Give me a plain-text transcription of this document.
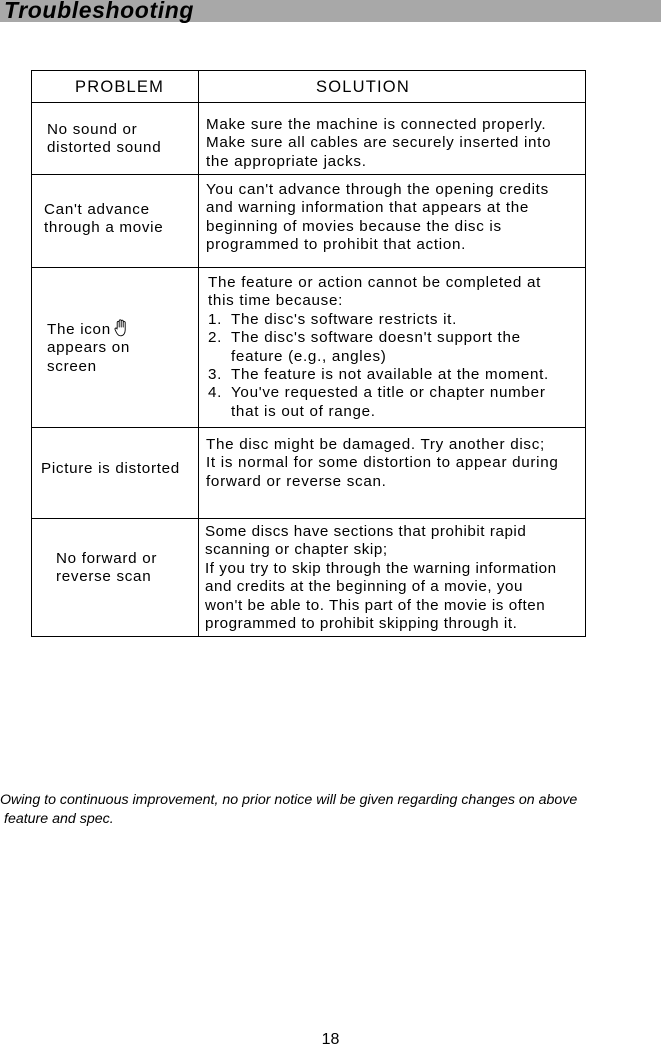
Troubleshooting
PROBLEM	SOLUTION
No sound or
distorted sound
Make sure the machine is connected properly.
Make sure all cables are securely inserted into
the appropriate jacks.
Can't advance
through a movie
You can't advance through the opening credits
and warning information that appears at the
beginning of movies because the disc is
programmed to prohibit that action.
The icon
appears on
screen
The feature or action cannot be completed at
this time because:
1. The disc's software restricts it.
2. The disc's software doesn't support the
feature (e.g., angles)
3. The feature is not available at the moment.
4. You've requested a title or chapter number
that is out of range.
Picture is distorted
The disc might be damaged. Try another disc;
It is normal for some distortion to appear during
forward or reverse scan.
No forward or
reverse scan
Some discs have sections that prohibit rapid
scanning or chapter skip;
If you try to skip through the warning information
and credits at the beginning of a movie, you
won't be able to. This part of the movie is often
programmed to prohibit skipping through it.
Owing to continuous improvement, no prior notice will be given regarding changes on above
feature and spec.
18
